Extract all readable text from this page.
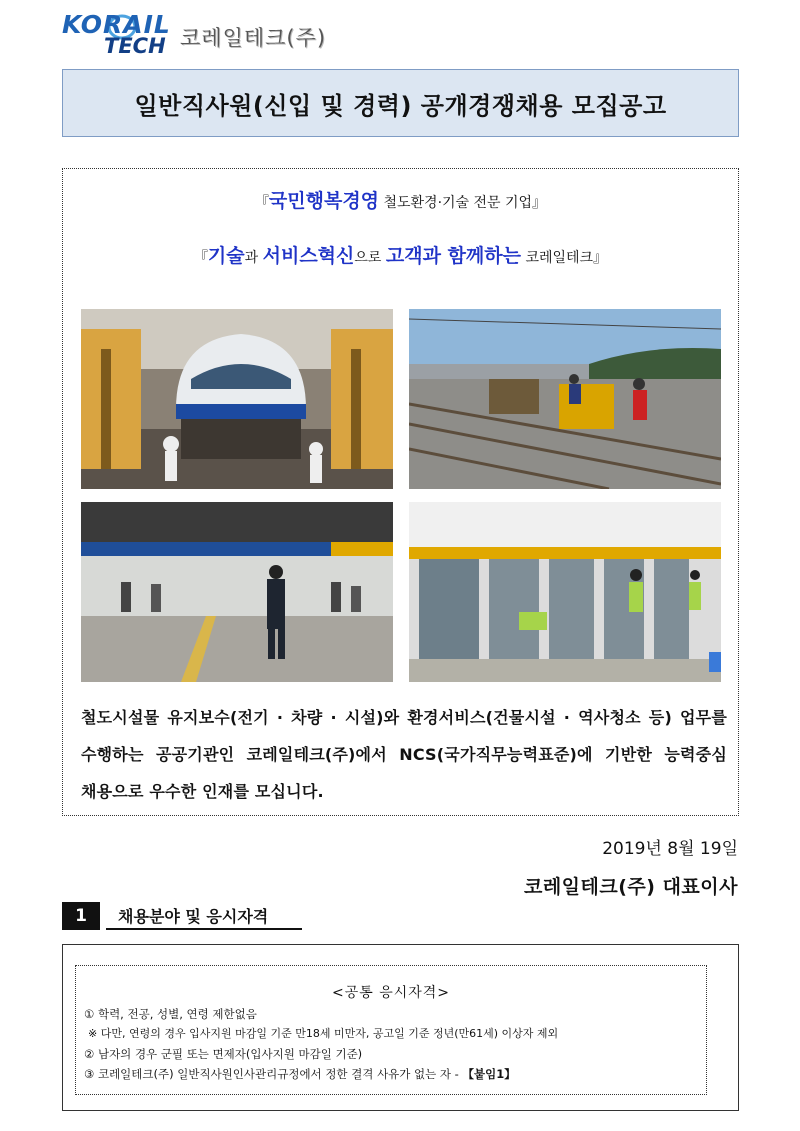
KORAIL
TECH 코레일테크(주)
일반직사원(신입 및 경력) 공개경쟁채용 모집공고
『국민행복경영 철도환경·기술 전문 기업』
『기술과 서비스혁신으로 고객과 함께하는 코레일테크』
철도시설물 유지보수(전기 · 차량 · 시설)와 환경서비스(건물시설 · 역사청소 등) 업무를
수행하는 공공기관인 코레일테크(주)에서 NCS(국가직무능력표준)에 기반한 능력중심
채용으로 우수한 인재를 모십니다.
2019년 8월 19일
코레일테크(주) 대표이사
1	채용분야 및 응시자격
<공통 응시자격>
① 학력, 전공, 성별, 연령 제한없음
※ 다만, 연령의 경우 입사지원 마감일 기준 만18세 미만자, 공고일 기준 정년(만61세) 이상자 제외
② 남자의 경우 군필 또는 면제자(입사지원 마감일 기준)
③ 코레일테크(주) 일반직사원인사관리규정에서 정한 결격 사유가 없는 자 - 【붙임1】
